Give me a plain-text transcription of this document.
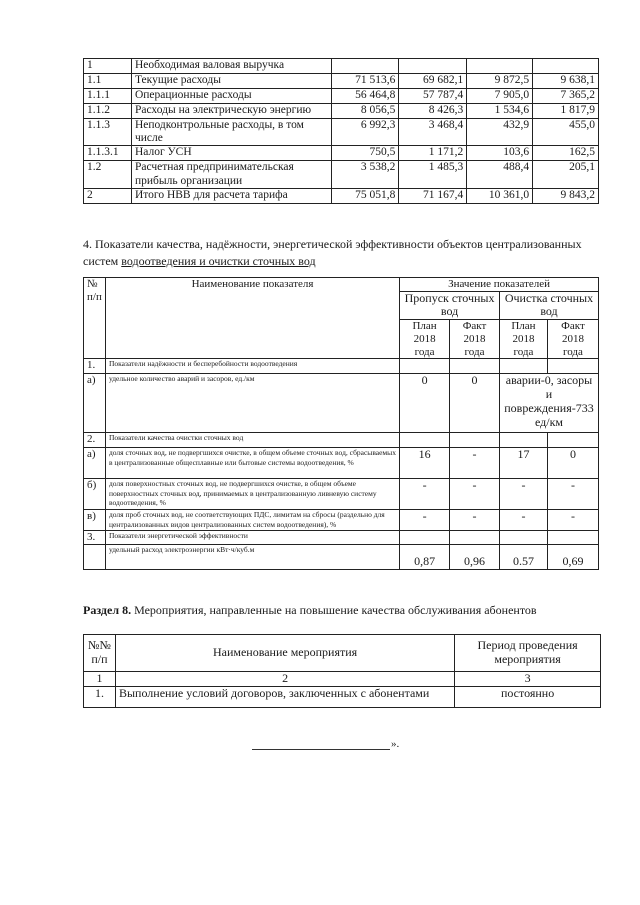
1	Необходимая валовая выручка				
1.1	Текущие расходы	71 513,6	69 682,1	9 872,5	9 638,1
1.1.1	Операционные расходы	56 464,8	57 787,4	7 905,0	7 365,2
1.1.2	Расходы на электрическую энергию	8 056,5	8 426,3	1 534,6	1 817,9
1.1.3	Неподконтрольные расходы, в том числе	6 992,3	3 468,4	432,9	455,0
1.1.3.1	Налог УСН	750,5	1 171,2	103,6	162,5
1.2	Расчетная предпринимательская прибыль организации	3 538,2	1 485,3	488,4	205,1
2	Итого НВВ для расчета тарифа	75 051,8	71 167,4	10 361,0	9 843,2
4. Показатели качества, надёжности, энергетической эффективности объектов централизованных систем водоотведения и очистки сточных вод
№ п/п	Наименование показателя	Значение показателей			
		Пропуск сточных вод		Очистка сточных вод	
		План 2018 года	Факт 2018 года	План 2018 года	Факт 2018 года
1.	Показатели надёжности и бесперебойности водоотведения				
а)	удельное количество аварий и засоров, ед./км	0	0	аварии-0, засоры и повреждения-733 ед/км	
2.	Показатели качества очистки сточных вод				
а)	доля сточных вод, не подвергшихся очистке, в общем объеме сточных вод, сбрасываемых в централизованные общесплавные или бытовые системы водоотведения, %	16	-	17	0
б)	доля поверхностных сточных вод, не подвергшихся очистке, в общем объеме поверхностных сточных вод, принимаемых в централизованную ливневую систему водоотведения, %	-	-	-	-
в)	доля проб сточных вод, не соответствующих ПДС, лимитам на сбросы (раздельно для централизованных видов централизованных систем водоотведения), %	-	-	-	-
3.	Показатели энергетической эффективности				
	удельный расход электроэнергии кВт·ч/куб.м	0,87	0,96	0.57	0,69
Раздел 8. Мероприятия, направленные на повышение качества обслуживания абонентов
№№ п/п	Наименование мероприятия	Период проведения мероприятия
1	2	3
1.	Выполнение условий договоров, заключенных с абонентами	постоянно
».
